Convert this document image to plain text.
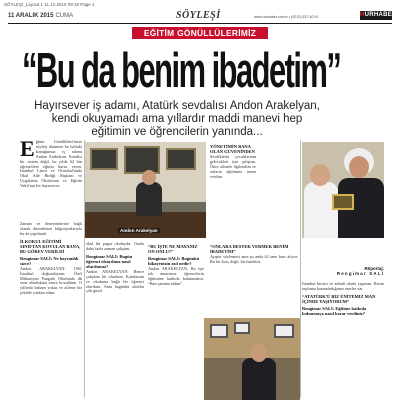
SÖYLEŞİ_Layout 1 11.12.2015 09:19 Page 1
11 ARALIK 2015 CUMA	SÖYLEŞİ	www.hurhaber.com.tr • (0212) 537 40 91	HURHABER
EĞİTİM GÖNÜLLÜLERİMİZ
“Bu da benim ibadetim”
Hayırsever iş adamı, Atatürk sevdalısı Andon Arakelyan, kendi okuyamadı ama yıllardır maddi manevi hep eğitimin ve öğrencilerin yanında...
E ğitim Gönüllüleri'mize söyleşi dizimize bu haftaki konuğumuz iş adamı Andon Arakelyan. Kendisi bir sistem değil, bu yılda 62 bin öğrencilere eğitim bursu veren, İstanbul Lisesi ve Ortaokul'unda Okul Aile Birliği Başkanı ve Uygulama Okulu'nun ve Eğitim Vakfı'nın bir hayırsever.
Andon Arakelyan

Zaman ve deneyimlerine bağlı olarak düzenlenen bilgisayarlarıyla bu da yapılmalı.

İLKOKUL EĞİTİMİ SINIFTAN KOVULAN BANA, BU GÖREV VERİLDİ

Rengimar SALİ: Ne hayranlık sizce?

Andon ARAKELYAN: 1961 İstanbul doğumluyum. Özel Mihtariyan Pangaltı Okulunda ilk sene okuduktan sonra kovuldum. O yıllarda babam yoktu ve aileme bir şekilde yardım ettim.

okul bir pagar okuluydu. Orada daha fazla zaman çalıştım.

Rengimar SALİ: Bugün öğrenci olsaydınız nasıl olurdunuz?

Andon ARAKELYAN: Bence çalışkan bir olurdum. Kafalarımı ve okuluma bağlı bir öğrenci olurdum. Ama bugünkü okullar çok güzel.

“BU İŞTE NE MAYANIZ ON ONLU?”

Rengimar SALİ: Bugünkü hikayenizin asıl nedir?

Andon ARAKELYAN: Bu işte tek amacımız öğrencilerin eğitimine katkıda bulunmaktır. “Ben çantam aldım”.

YÖNETİMİN BANA OLAN GÜVENİNDEN

Sevdiklerin çocuklarının gelecekleri için çalıştım. Önce ailemle ilgilendim ve onların eğitimine önem verdim.

“ONLARA DESTEK VERMEK BENİM İBADETİM”

Ayıptır söylemesi ama şu anda 62 tane burs alıyor. Bu bir borç değil, bir ibadettir.

İstanbul birinci ve adımlı okulu yaparım. Bizim topluma kazandırdığımız eserler var.

“ATATÜRK'Ü BİZ ÜNİTEMIZ MAN İÇİNDE YAŞIYORUM”

Rengimar SALİ: Eğitime katkıda bulunmaya nasıl karar verdiniz?

Röportaj:
Rengimar SALİ
